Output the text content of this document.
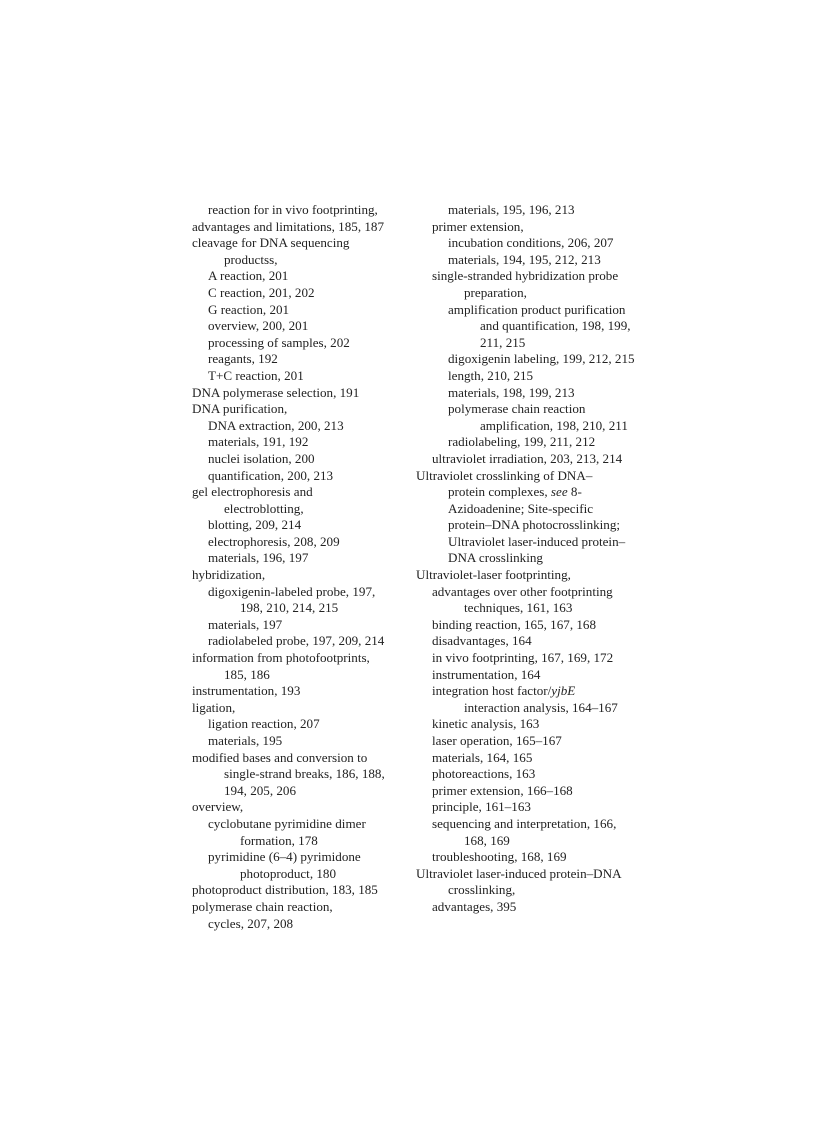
reaction for in vivo footprinting,
advantages and limitations, 185, 187
cleavage for DNA sequencing
productss,
A reaction, 201
C reaction, 201, 202
G reaction, 201
overview, 200, 201
processing of samples, 202
reagants, 192
T+C reaction, 201
DNA polymerase selection, 191
DNA purification,
DNA extraction, 200, 213
materials, 191, 192
nuclei isolation, 200
quantification, 200, 213
gel electrophoresis and
electroblotting,
blotting, 209, 214
electrophoresis, 208, 209
materials, 196, 197
hybridization,
digoxigenin-labeled probe, 197,
198, 210, 214, 215
materials, 197
radiolabeled probe, 197, 209, 214
information from photofootprints,
185, 186
instrumentation, 193
ligation,
ligation reaction, 207
materials, 195
modified bases and conversion to
single-strand breaks, 186, 188,
194, 205, 206
overview,
cyclobutane pyrimidine dimer
formation, 178
pyrimidine (6–4) pyrimidone
photoproduct, 180
photoproduct distribution, 183, 185
polymerase chain reaction,
cycles, 207, 208
materials, 195, 196, 213
primer extension,
incubation conditions, 206, 207
materials, 194, 195, 212, 213
single-stranded hybridization probe
preparation,
amplification product purification
and quantification, 198, 199,
211, 215
digoxigenin labeling, 199, 212, 215
length, 210, 215
materials, 198, 199, 213
polymerase chain reaction
amplification, 198, 210, 211
radiolabeling, 199, 211, 212
ultraviolet irradiation, 203, 213, 214
Ultraviolet crosslinking of DNA–
protein complexes, see 8-
Azidoadenine; Site-specific
protein–DNA photocrosslinking;
Ultraviolet laser-induced protein–
DNA crosslinking
Ultraviolet-laser footprinting,
advantages over other footprinting
techniques, 161, 163
binding reaction, 165, 167, 168
disadvantages, 164
in vivo footprinting, 167, 169, 172
instrumentation, 164
integration host factor/yjbE
interaction analysis, 164–167
kinetic analysis, 163
laser operation, 165–167
materials, 164, 165
photoreactions, 163
primer extension, 166–168
principle, 161–163
sequencing and interpretation, 166,
168, 169
troubleshooting, 168, 169
Ultraviolet laser-induced protein–DNA
crosslinking,
advantages, 395
